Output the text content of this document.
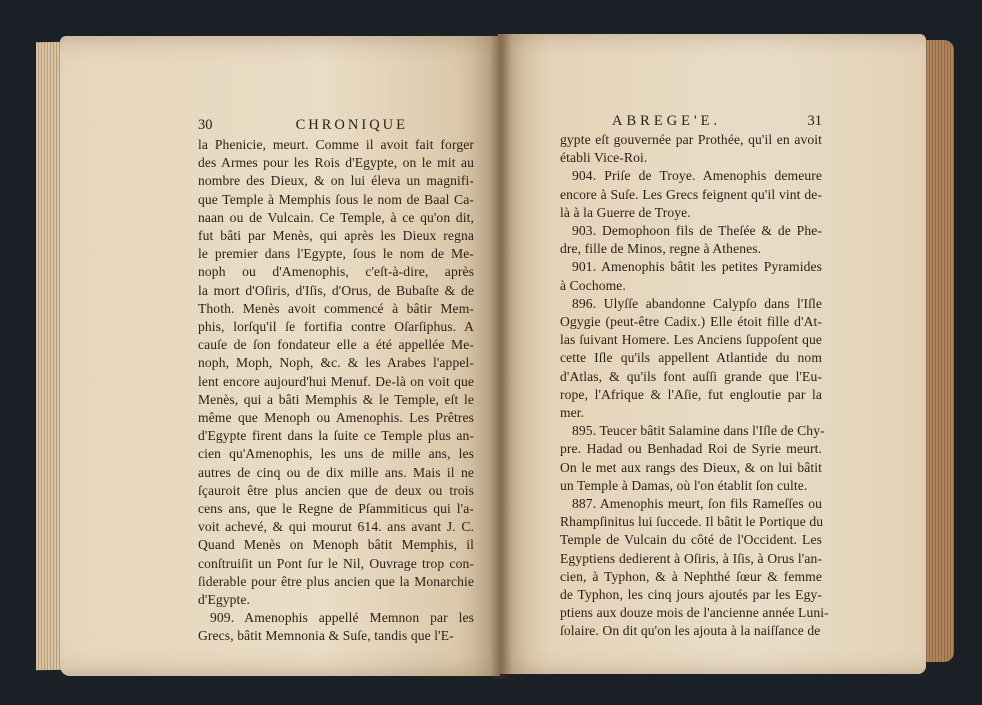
30	CHRONIQUE
la Phenicie, meurt. Comme il avoit fait forger
des Armes pour les Rois d'Egypte, on le mit au
nombre des Dieux, & on lui éleva un magnifi-
que Temple à Memphis ſous le nom de Baal Ca-
naan ou de Vulcain. Ce Temple, à ce qu'on dit,
fut bâti par Menès, qui après les Dieux regna
le premier dans l'Egypte, ſous le nom de Me-
noph ou d'Amenophis, c'eſt-à-dire, après
la mort d'Oſiris, d'Iſis, d'Orus, de Bubaſte & de
Thoth. Menès avoit commencé à bâtir Mem-
phis, lorſqu'il ſe fortifia contre Oſarſiphus. A
cauſe de ſon fondateur elle a été appellée Me-
noph, Moph, Noph, &c. & les Arabes l'appel-
lent encore aujourd'hui Menuf. De-là on voit que
Menès, qui a bâti Memphis & le Temple, eſt le
même que Menoph ou Amenophis. Les Prêtres
d'Egypte firent dans la ſuite ce Temple plus an-
cien qu'Amenophis, les uns de mille ans, les
autres de cinq ou de dix mille ans. Mais il ne
ſçauroit être plus ancien que de deux ou trois
cens ans, que le Regne de Pſammiticus qui l'a-
voit achevé, & qui mourut 614. ans avant J. C.
Quand Menès on Menoph bâtit Memphis, il
conſtruiſit un Pont ſur le Nil, Ouvrage trop con-
ſiderable pour être plus ancien que la Monarchie
d'Egypte.
909. Amenophis appellé Memnon par les
Grecs, bâtit Memnonia & Suſe, tandis que l'E-
ABREGE'E.	31
gypte eſt gouvernée par Prothée, qu'il en avoit
établi Vice-Roi.
904. Priſe de Troye. Amenophis demeure
encore à Suſe. Les Grecs feignent qu'il vint de-
là à la Guerre de Troye.
903. Demophoon fils de Theſée & de Phe-
dre, fille de Minos, regne à Athenes.
901. Amenophis bâtit les petites Pyramides
à Cochome.
896. Ulyſſe abandonne Calypſo dans l'Iſle
Ogygie (peut-être Cadix.) Elle étoit fille d'At-
las ſuivant Homere. Les Anciens ſuppoſent que
cette Iſle qu'ils appellent Atlantide du nom
d'Atlas, & qu'ils font auſſi grande que l'Eu-
rope, l'Afrique & l'Aſie, fut engloutie par la
mer.
895. Teucer bâtit Salamine dans l'Iſle de Chy-
pre. Hadad ou Benhadad Roi de Syrie meurt.
On le met aux rangs des Dieux, & on lui bâtit
un Temple à Damas, où l'on établit ſon culte.
887. Amenophis meurt, ſon fils Rameſſes ou
Rhampſinitus lui ſuccede. Il bâtit le Portique du
Temple de Vulcain du côté de l'Occident. Les
Egyptiens dedierent à Oſiris, à Iſis, à Orus l'an-
cien, à Typhon, & à Nephthé ſœur & femme
de Typhon, les cinq jours ajoutés par les Egy-
ptiens aux douze mois de l'ancienne année Luni-
ſolaire. On dit qu'on les ajouta à la naiſſance de
